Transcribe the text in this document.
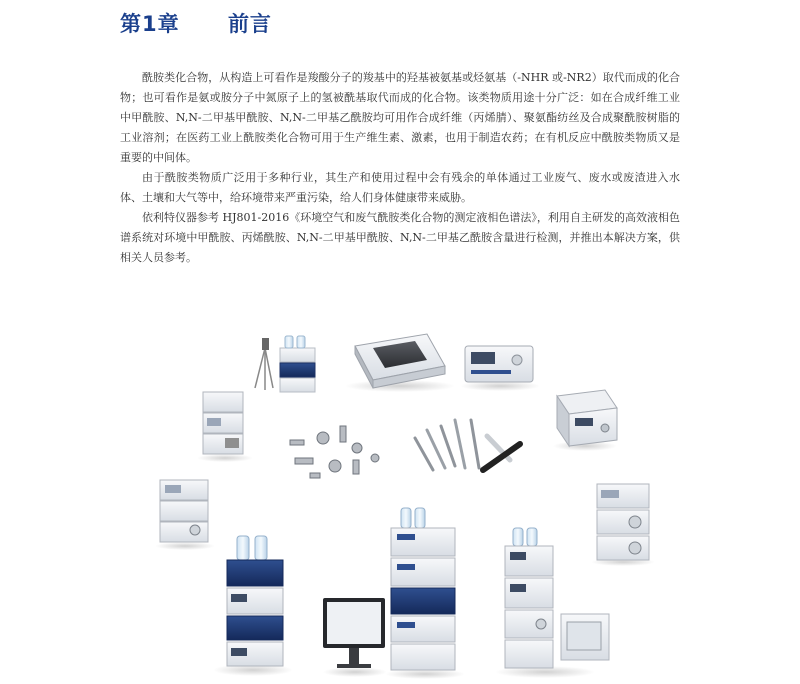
第1章 前言

酰胺类化合物，从构造上可看作是羧酸分子的羧基中的羟基被氨基或烃氨基（-NHR 或-NR2）取代而成的化合物；也可看作是氨或胺分子中氮原子上的氢被酰基取代而成的化合物。该类物质用途十分广泛：如在合成纤维工业中甲酰胺、N,N-二甲基甲酰胺、N,N-二甲基乙酰胺均可用作合成纤维（丙烯腈）、聚氨酯纺丝及合成聚酰胺树脂的工业溶剂；在医药工业上酰胺类化合物可用于生产维生素、激素，也用于制造农药；在有机反应中酰胺类物质又是重要的中间体。

由于酰胺类物质广泛用于多种行业，其生产和使用过程中会有残余的单体通过工业废气、废水或废渣进入水体、土壤和大气等中，给环境带来严重污染，给人们身体健康带来威胁。

依利特仪器参考 HJ801-2016《环境空气和废气酰胺类化合物的测定液相色谱法》，利用自主研发的高效液相色谱系统对环境中甲酰胺、丙烯酰胺、N,N-二甲基甲酰胺、N,N-二甲基乙酰胺含量进行检测，并推出本解决方案，供相关人员参考。
